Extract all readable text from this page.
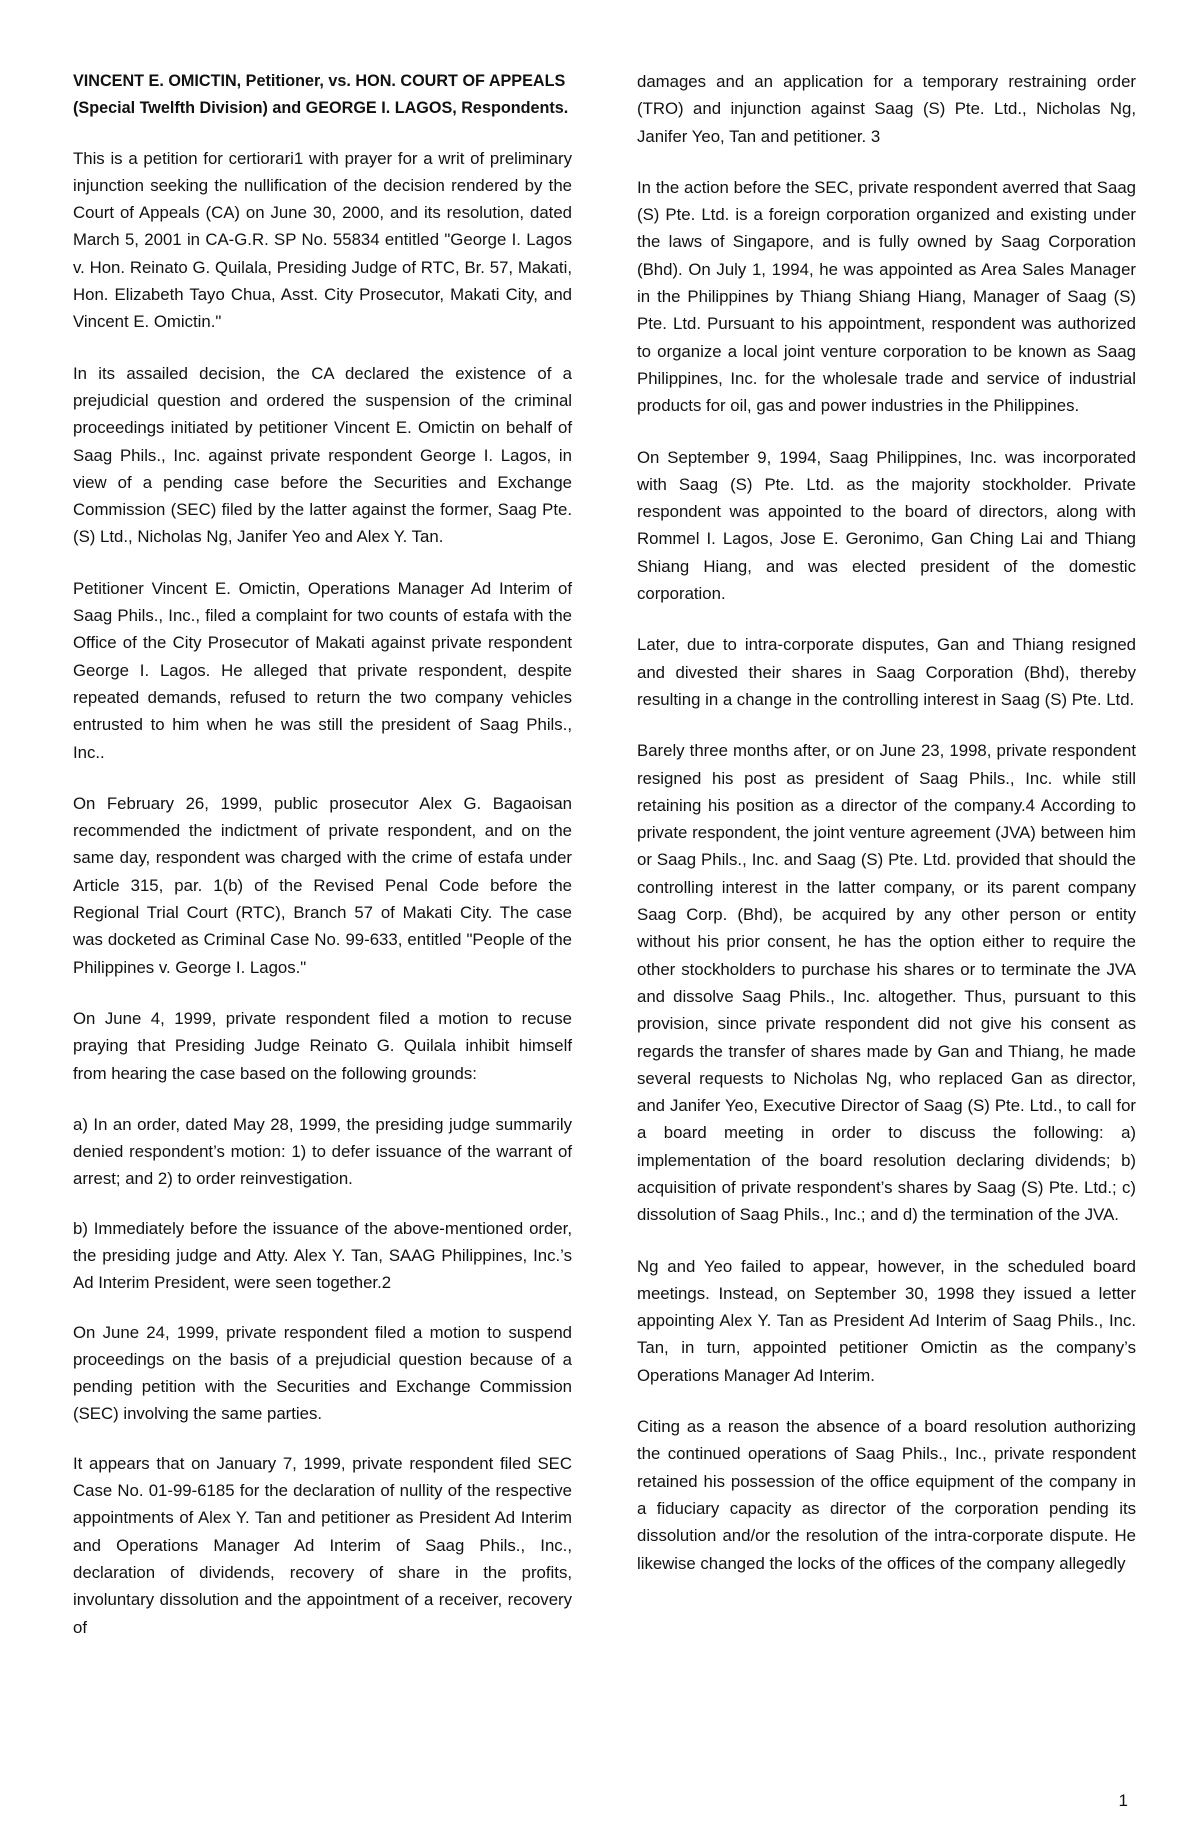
VINCENT E. OMICTIN, Petitioner, vs. HON. COURT OF APPEALS (Special Twelfth Division) and GEORGE I. LAGOS, Respondents.

This is a petition for certiorari1 with prayer for a writ of preliminary injunction seeking the nullification of the decision rendered by the Court of Appeals (CA) on June 30, 2000, and its resolution, dated March 5, 2001 in CA-G.R. SP No. 55834 entitled "George I. Lagos v. Hon. Reinato G. Quilala, Presiding Judge of RTC, Br. 57, Makati, Hon. Elizabeth Tayo Chua, Asst. City Prosecutor, Makati City, and Vincent E. Omictin."

In its assailed decision, the CA declared the existence of a prejudicial question and ordered the suspension of the criminal proceedings initiated by petitioner Vincent E. Omictin on behalf of Saag Phils., Inc. against private respondent George I. Lagos, in view of a pending case before the Securities and Exchange Commission (SEC) filed by the latter against the former, Saag Pte. (S) Ltd., Nicholas Ng, Janifer Yeo and Alex Y. Tan.

Petitioner Vincent E. Omictin, Operations Manager Ad Interim of Saag Phils., Inc., filed a complaint for two counts of estafa with the Office of the City Prosecutor of Makati against private respondent George I. Lagos. He alleged that private respondent, despite repeated demands, refused to return the two company vehicles entrusted to him when he was still the president of Saag Phils., Inc..

On February 26, 1999, public prosecutor Alex G. Bagaoisan recommended the indictment of private respondent, and on the same day, respondent was charged with the crime of estafa under Article 315, par. 1(b) of the Revised Penal Code before the Regional Trial Court (RTC), Branch 57 of Makati City. The case was docketed as Criminal Case No. 99-633, entitled "People of the Philippines v. George I. Lagos."

On June 4, 1999, private respondent filed a motion to recuse praying that Presiding Judge Reinato G. Quilala inhibit himself from hearing the case based on the following grounds:

a) In an order, dated May 28, 1999, the presiding judge summarily denied respondent’s motion: 1) to defer issuance of the warrant of arrest; and 2) to order reinvestigation.

b) Immediately before the issuance of the above-mentioned order, the presiding judge and Atty. Alex Y. Tan, SAAG Philippines, Inc.’s Ad Interim President, were seen together.2

On June 24, 1999, private respondent filed a motion to suspend proceedings on the basis of a prejudicial question because of a pending petition with the Securities and Exchange Commission (SEC) involving the same parties.

It appears that on January 7, 1999, private respondent filed SEC Case No. 01-99-6185 for the declaration of nullity of the respective appointments of Alex Y. Tan and petitioner as President Ad Interim and Operations Manager Ad Interim of Saag Phils., Inc., declaration of dividends, recovery of share in the profits, involuntary dissolution and the appointment of a receiver, recovery of

damages and an application for a temporary restraining order (TRO) and injunction against Saag (S) Pte. Ltd., Nicholas Ng, Janifer Yeo, Tan and petitioner. 3

In the action before the SEC, private respondent averred that Saag (S) Pte. Ltd. is a foreign corporation organized and existing under the laws of Singapore, and is fully owned by Saag Corporation (Bhd). On July 1, 1994, he was appointed as Area Sales Manager in the Philippines by Thiang Shiang Hiang, Manager of Saag (S) Pte. Ltd. Pursuant to his appointment, respondent was authorized to organize a local joint venture corporation to be known as Saag Philippines, Inc. for the wholesale trade and service of industrial products for oil, gas and power industries in the Philippines.

On September 9, 1994, Saag Philippines, Inc. was incorporated with Saag (S) Pte. Ltd. as the majority stockholder. Private respondent was appointed to the board of directors, along with Rommel I. Lagos, Jose E. Geronimo, Gan Ching Lai and Thiang Shiang Hiang, and was elected president of the domestic corporation.

Later, due to intra-corporate disputes, Gan and Thiang resigned and divested their shares in Saag Corporation (Bhd), thereby resulting in a change in the controlling interest in Saag (S) Pte. Ltd.

Barely three months after, or on June 23, 1998, private respondent resigned his post as president of Saag Phils., Inc. while still retaining his position as a director of the company.4 According to private respondent, the joint venture agreement (JVA) between him or Saag Phils., Inc. and Saag (S) Pte. Ltd. provided that should the controlling interest in the latter company, or its parent company Saag Corp. (Bhd), be acquired by any other person or entity without his prior consent, he has the option either to require the other stockholders to purchase his shares or to terminate the JVA and dissolve Saag Phils., Inc. altogether. Thus, pursuant to this provision, since private respondent did not give his consent as regards the transfer of shares made by Gan and Thiang, he made several requests to Nicholas Ng, who replaced Gan as director, and Janifer Yeo, Executive Director of Saag (S) Pte. Ltd., to call for a board meeting in order to discuss the following: a) implementation of the board resolution declaring dividends; b) acquisition of private respondent’s shares by Saag (S) Pte. Ltd.; c) dissolution of Saag Phils., Inc.; and d) the termination of the JVA.

Ng and Yeo failed to appear, however, in the scheduled board meetings. Instead, on September 30, 1998 they issued a letter appointing Alex Y. Tan as President Ad Interim of Saag Phils., Inc. Tan, in turn, appointed petitioner Omictin as the company’s Operations Manager Ad Interim.

Citing as a reason the absence of a board resolution authorizing the continued operations of Saag Phils., Inc., private respondent retained his possession of the office equipment of the company in a fiduciary capacity as director of the corporation pending its dissolution and/or the resolution of the intra-corporate dispute. He likewise changed the locks of the offices of the company allegedly

1
